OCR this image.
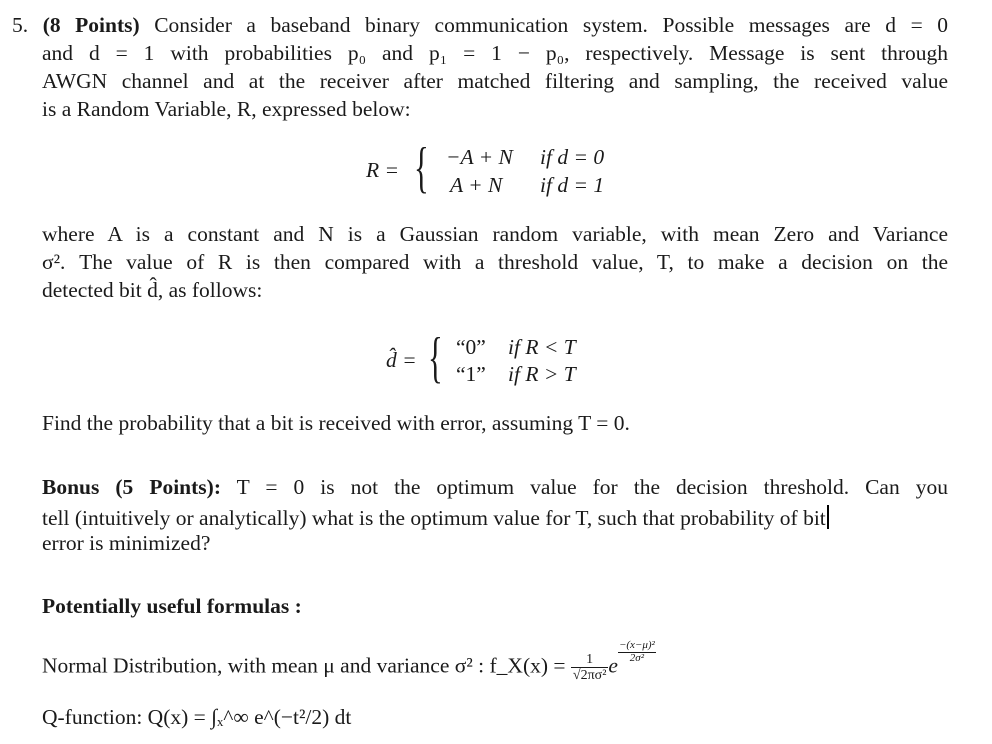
5. (8 Points) Consider a baseband binary communication system. Possible messages are d = 0
and d = 1 with probabilities p₀ and p₁ = 1 − p₀, respectively. Message is sent through
AWGN channel and at the receiver after matched filtering and sampling, the received value
is a Random Variable, R, expressed below:
R = { −A + N if d = 0
A + N if d = 1
where A is a constant and N is a Gaussian random variable, with mean Zero and Variance
σ². The value of R is then compared with a threshold value, T, to make a decision on the
detected bit d̂, as follows:
d̂ = { “0” if R < T
“1” if R > T
Find the probability that a bit is received with error, assuming T = 0.
Bonus (5 Points): T = 0 is not the optimum value for the decision threshold. Can you
tell (intuitively or analytically) what is the optimum value for T, such that probability of bit
error is minimized?
Potentially useful formulas :
Normal Distribution, with mean μ and variance σ² : f_X(x) = $\frac{1}{\text{√2πσ²}}$ e
$\frac{\text{−(x−μ)²}}{\text{2σ²}}$
Q-function: Q(x) = ∫ₓ^∞ e^(−t²/2) dt
